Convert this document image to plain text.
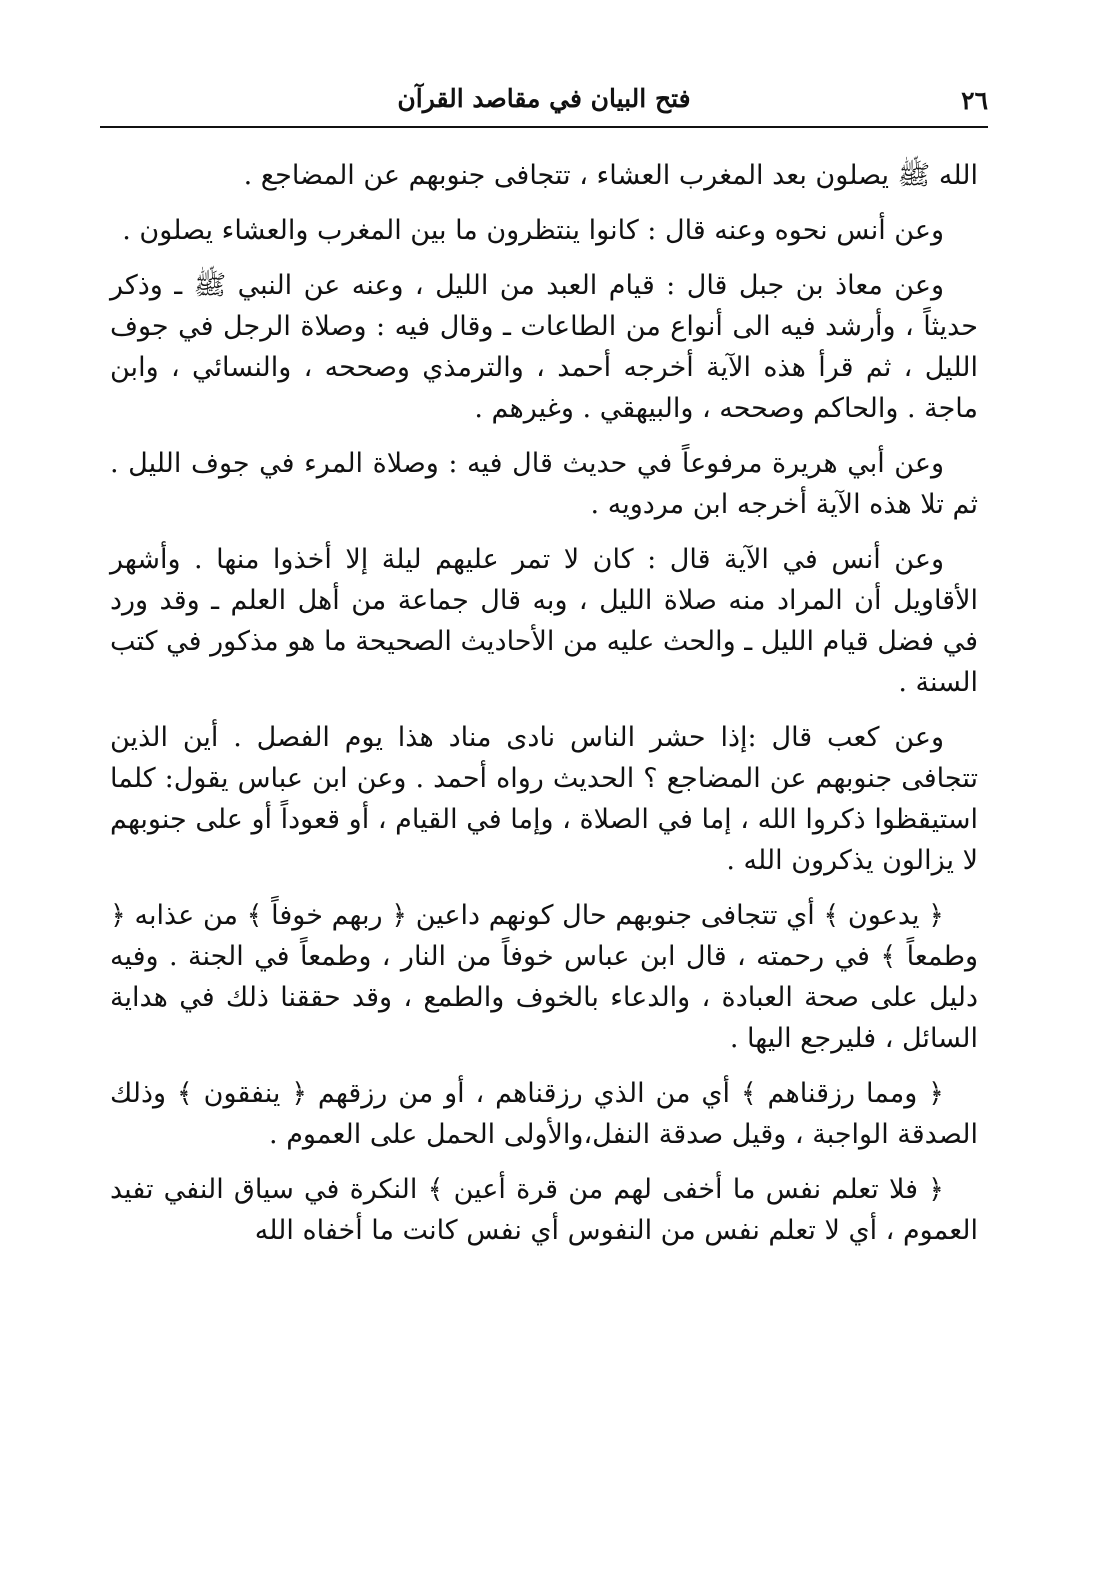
٢٦
فتح البيان في مقاصد القرآن

الله ﷺ يصلون بعد المغرب العشاء ، تتجافى جنوبهم عن المضاجع .

وعن أنس نحوه وعنه قال : كانوا ينتظرون ما بين المغرب والعشاء يصلون .

وعن معاذ بن جبل قال : قيام العبد من الليل ، وعنه عن النبي ﷺ ـ وذكر حديثاً ، وأرشد فيه الى أنواع من الطاعات ـ وقال فيه : وصلاة الرجل في جوف الليل ، ثم قرأ هذه الآية أخرجه أحمد ، والترمذي وصححه ، والنسائي ، وابن ماجة . والحاكم وصححه ، والبيهقي . وغيرهم .

وعن أبي هريرة مرفوعاً في حديث قال فيه : وصلاة المرء في جوف الليل . ثم تلا هذه الآية أخرجه ابن مردويه .

وعن أنس في الآية قال : كان لا تمر عليهم ليلة إلا أخذوا منها . وأشهر الأقاويل أن المراد منه صلاة الليل ، وبه قال جماعة من أهل العلم ـ وقد ورد في فضل قيام الليل ـ والحث عليه من الأحاديث الصحيحة ما هو مذكور في كتب السنة .

وعن كعب قال :إذا حشر الناس نادى مناد هذا يوم الفصل . أين الذين تتجافى جنوبهم عن المضاجع ؟ الحديث رواه أحمد . وعن ابن عباس يقول: كلما استيقظوا ذكروا الله ، إما في الصلاة ، وإما في القيام ، أو قعوداً أو على جنوبهم لا يزالون يذكرون الله .

﴿ يدعون ﴾ أي تتجافى جنوبهم حال كونهم داعين ﴿ ربهم خوفاً ﴾ من عذابه ﴿ وطمعاً ﴾ في رحمته ، قال ابن عباس خوفاً من النار ، وطمعاً في الجنة . وفيه دليل على صحة العبادة ، والدعاء بالخوف والطمع ، وقد حققنا ذلك في هداية السائل ، فليرجع اليها .

﴿ ومما رزقناهم ﴾ أي من الذي رزقناهم ، أو من رزقهم ﴿ ينفقون ﴾ وذلك الصدقة الواجبة ، وقيل صدقة النفل،والأولى الحمل على العموم .

﴿ فلا تعلم نفس ما أخفى لهم من قرة أعين ﴾ النكرة في سياق النفي تفيد العموم ، أي لا تعلم نفس من النفوس أي نفس كانت ما أخفاه الله
